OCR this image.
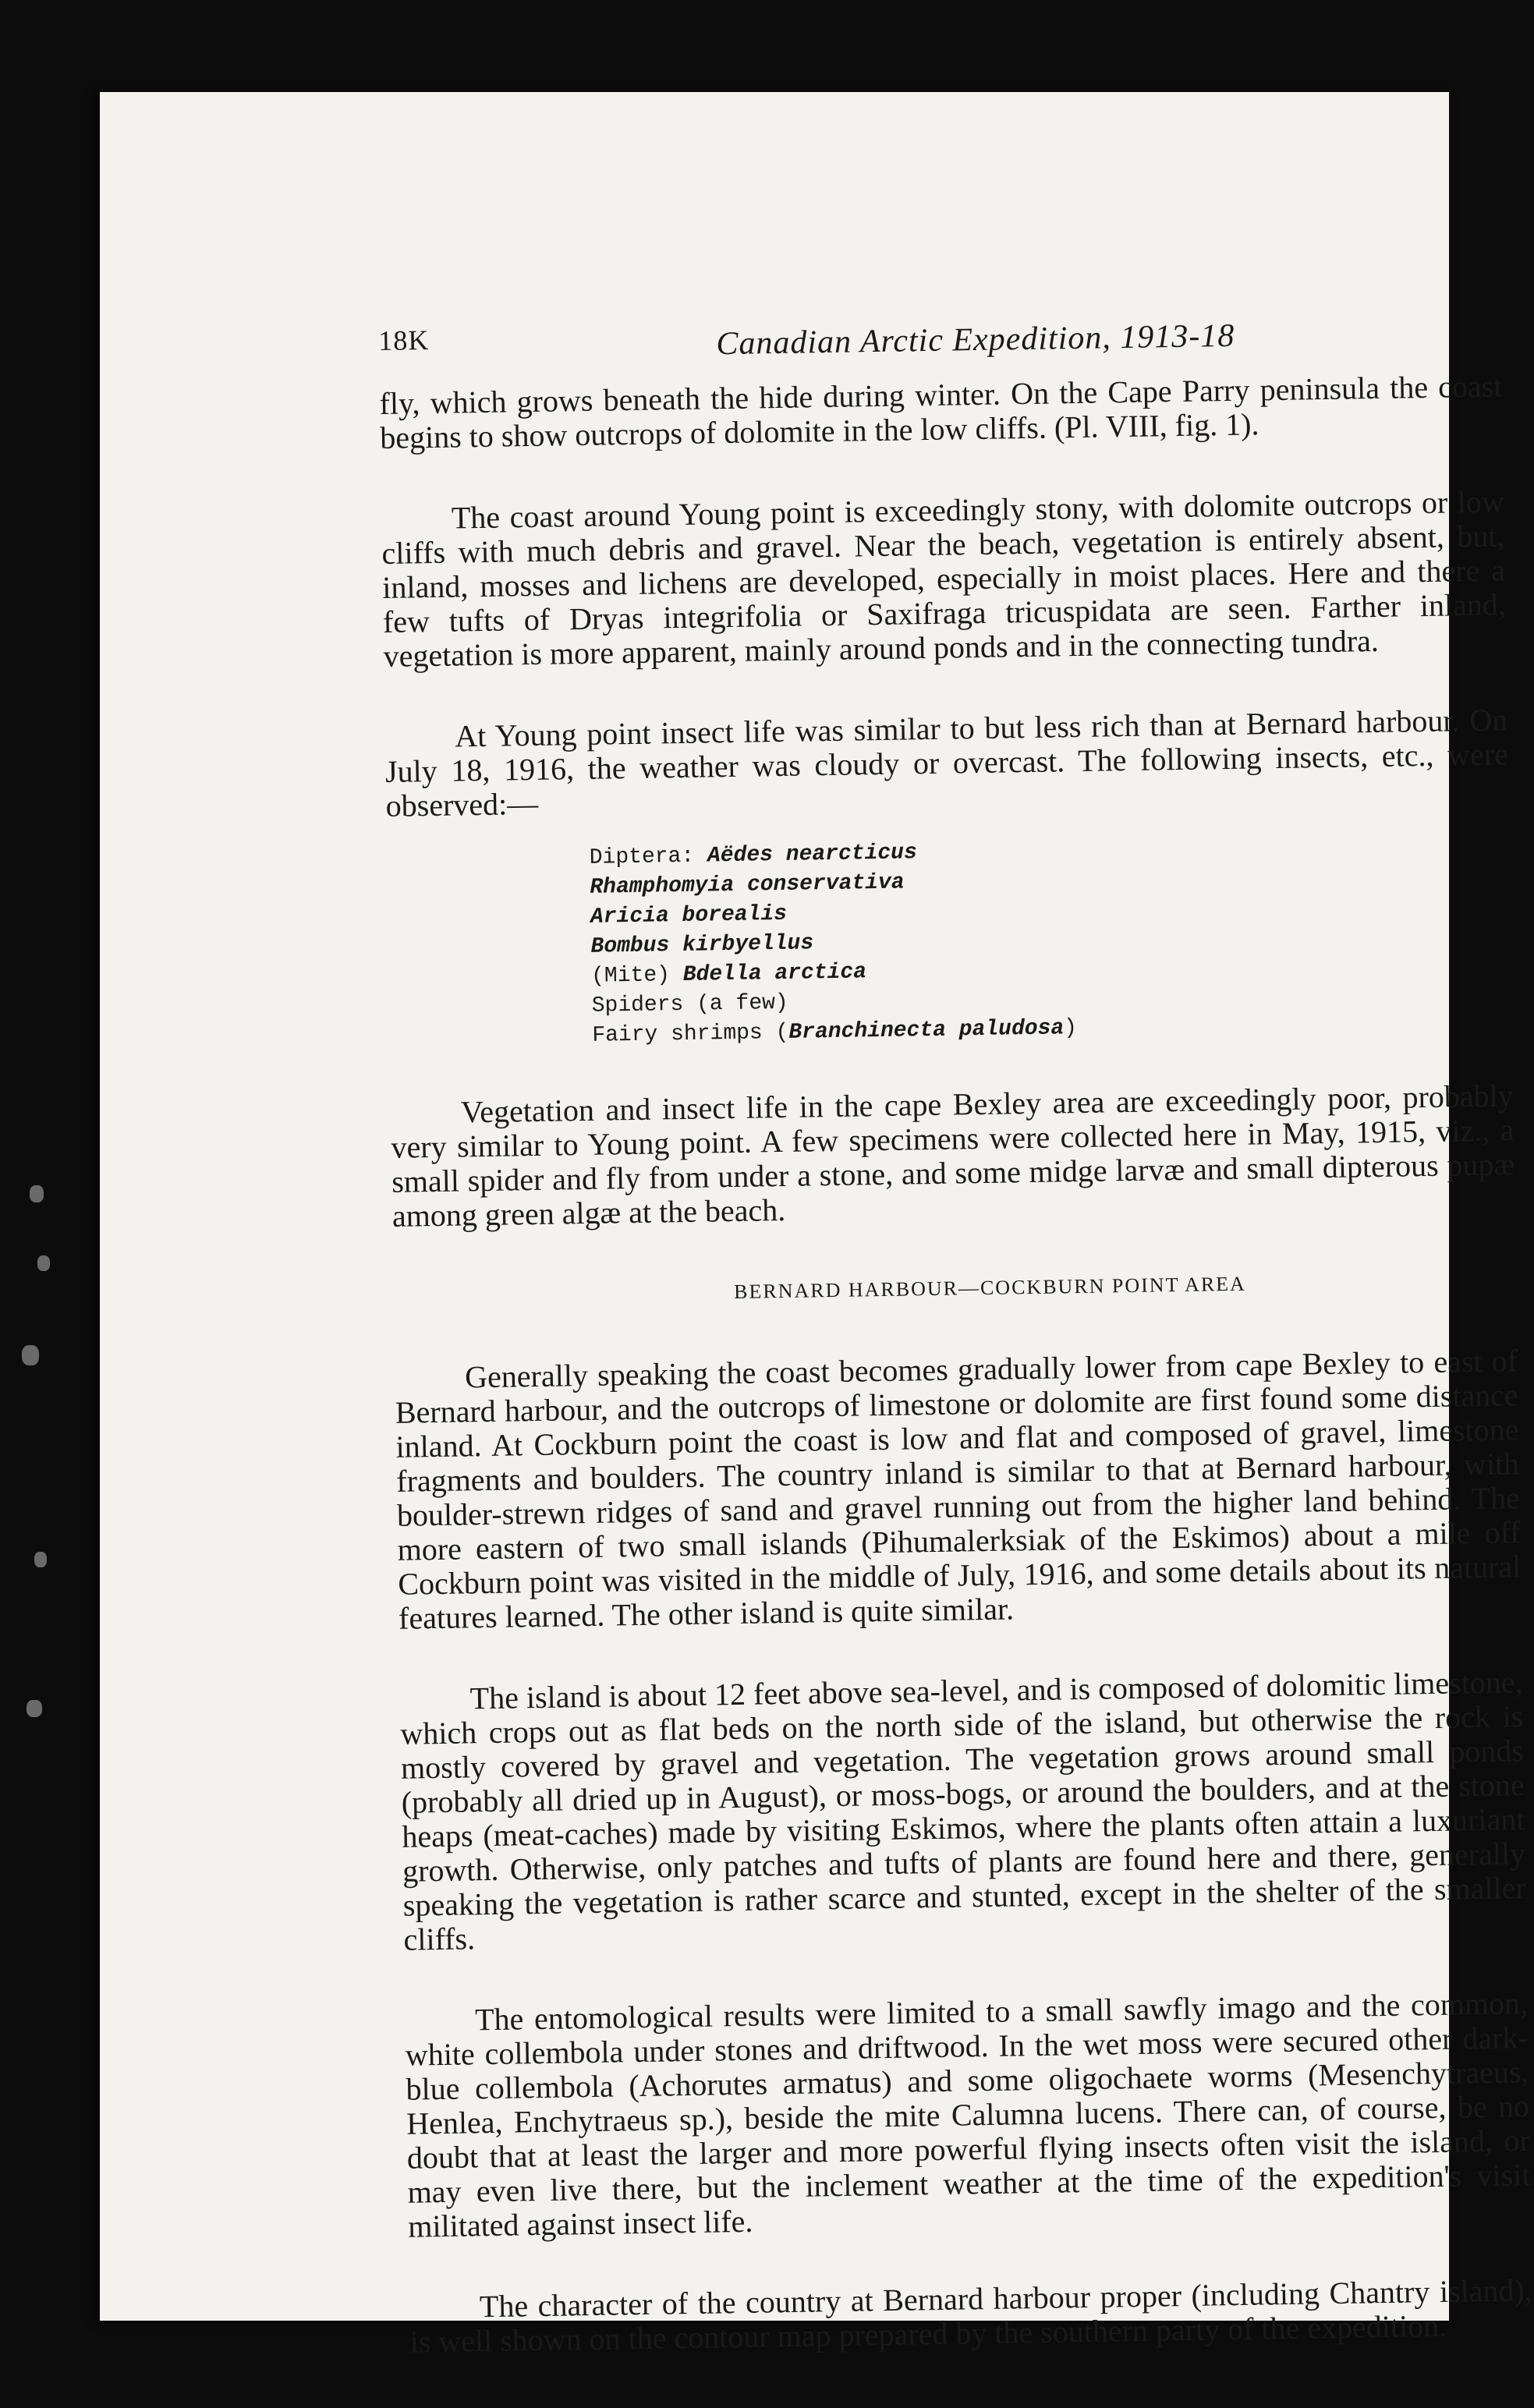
18K	Canadian Arctic Expedition, 1913-18

fly, which grows beneath the hide during winter. On the Cape Parry peninsula the coast begins to show outcrops of dolomite in the low cliffs. (Pl. VIII, fig. 1).

The coast around Young point is exceedingly stony, with dolomite outcrops or low cliffs with much debris and gravel. Near the beach, vegetation is entirely absent, but, inland, mosses and lichens are developed, especially in moist places. Here and there a few tufts of Dryas integrifolia or Saxifraga tricuspidata are seen. Farther inland, vegetation is more apparent, mainly around ponds and in the connecting tundra.

At Young point insect life was similar to but less rich than at Bernard harbour. On July 18, 1916, the weather was cloudy or overcast. The following insects, etc., were observed:—

Diptera: Aëdes nearcticus
Rhamphomyia conservativa
Aricia borealis
Bombus kirbyellus
(Mite) Bdella arctica
Spiders (a few)
Fairy shrimps (Branchinecta paludosa)

Vegetation and insect life in the cape Bexley area are exceedingly poor, probably very similar to Young point. A few specimens were collected here in May, 1915, viz., a small spider and fly from under a stone, and some midge larvæ and small dipterous pupæ among green algæ at the beach.

BERNARD HARBOUR—COCKBURN POINT AREA

Generally speaking the coast becomes gradually lower from cape Bexley to east of Bernard harbour, and the outcrops of limestone or dolomite are first found some distance inland. At Cockburn point the coast is low and flat and composed of gravel, limestone fragments and boulders. The country inland is similar to that at Bernard harbour, with boulder-strewn ridges of sand and gravel running out from the higher land behind. The more eastern of two small islands (Pihumalerksiak of the Eskimos) about a mile off Cockburn point was visited in the middle of July, 1916, and some details about its natural features learned. The other island is quite similar.

The island is about 12 feet above sea-level, and is composed of dolomitic limestone, which crops out as flat beds on the north side of the island, but otherwise the rock is mostly covered by gravel and vegetation. The vegetation grows around small ponds (probably all dried up in August), or moss-bogs, or around the boulders, and at the stone heaps (meat-caches) made by visiting Eskimos, where the plants often attain a luxuriant growth. Otherwise, only patches and tufts of plants are found here and there, generally speaking the vegetation is rather scarce and stunted, except in the shelter of the smaller cliffs.

The entomological results were limited to a small sawfly imago and the common, white collembola under stones and driftwood. In the wet moss were secured other dark-blue collembola (Achorutes armatus) and some oligochaete worms (Mesenchytraeus, Henlea, Enchytraeus sp.), beside the mite Calumna lucens. There can, of course, be no doubt that at least the larger and more powerful flying insects often visit the island, or may even live there, but the inclement weather at the time of the expedition's visit militated against insect life.

The character of the country at Bernard harbour proper (including Chantry island), is well shown on the contour map prepared by the southern party of the expedition.
